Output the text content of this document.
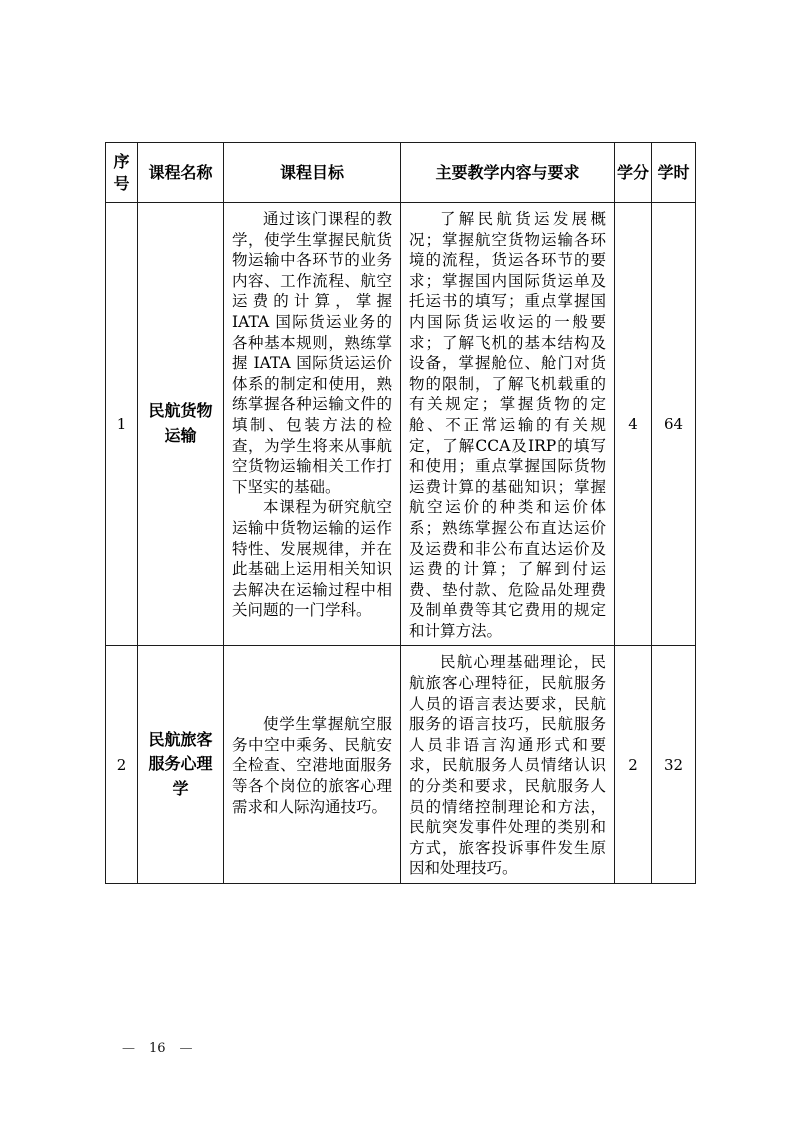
序号	课程名称	课程目标	主要教学内容与要求	学分	学时
1	民航货物运输	通过该门课程的教学，使学生掌握民航货物运输中各环节的业务内容、工作流程、航空运费的计算，掌握 IATA 国际货运业务的各种基本规则，熟练掌握 IATA 国际货运运价体系的制定和使用，熟练掌握各种运输文件的填制、包装方法的检查，为学生将来从事航空货物运输相关工作打下坚实的基础。

本课程为研究航空运输中货物运输的运作特性、发展规律，并在此基础上运用相关知识去解决在运输过程中相关问题的一门学科。	了解民航货运发展概况；掌握航空货物运输各环境的流程，货运各环节的要求；掌握国内国际货运单及托运书的填写；重点掌握国内国际货运收运的一般要求；了解飞机的基本结构及设备，掌握舱位、舱门对货物的限制，了解飞机载重的有关规定；掌握货物的定舱、不正常运输的有关规定，了解CCA及IRP的填写和使用；重点掌握国际货物运费计算的基础知识；掌握航空运价的种类和运价体系；熟练掌握公布直达运价及运费和非公布直达运价及运费的计算；了解到付运费、垫付款、危险品处理费及制单费等其它费用的规定和计算方法。	4	64
2	民航旅客服务心理学	使学生掌握航空服务中空中乘务、民航安全检查、空港地面服务等各个岗位的旅客心理需求和人际沟通技巧。	民航心理基础理论，民航旅客心理特征，民航服务人员的语言表达要求，民航服务的语言技巧，民航服务人员非语言沟通形式和要求，民航服务人员情绪认识的分类和要求，民航服务人员的情绪控制理论和方法，民航突发事件处理的类别和方式，旅客投诉事件发生原因和处理技巧。	2	32
— 16 —
